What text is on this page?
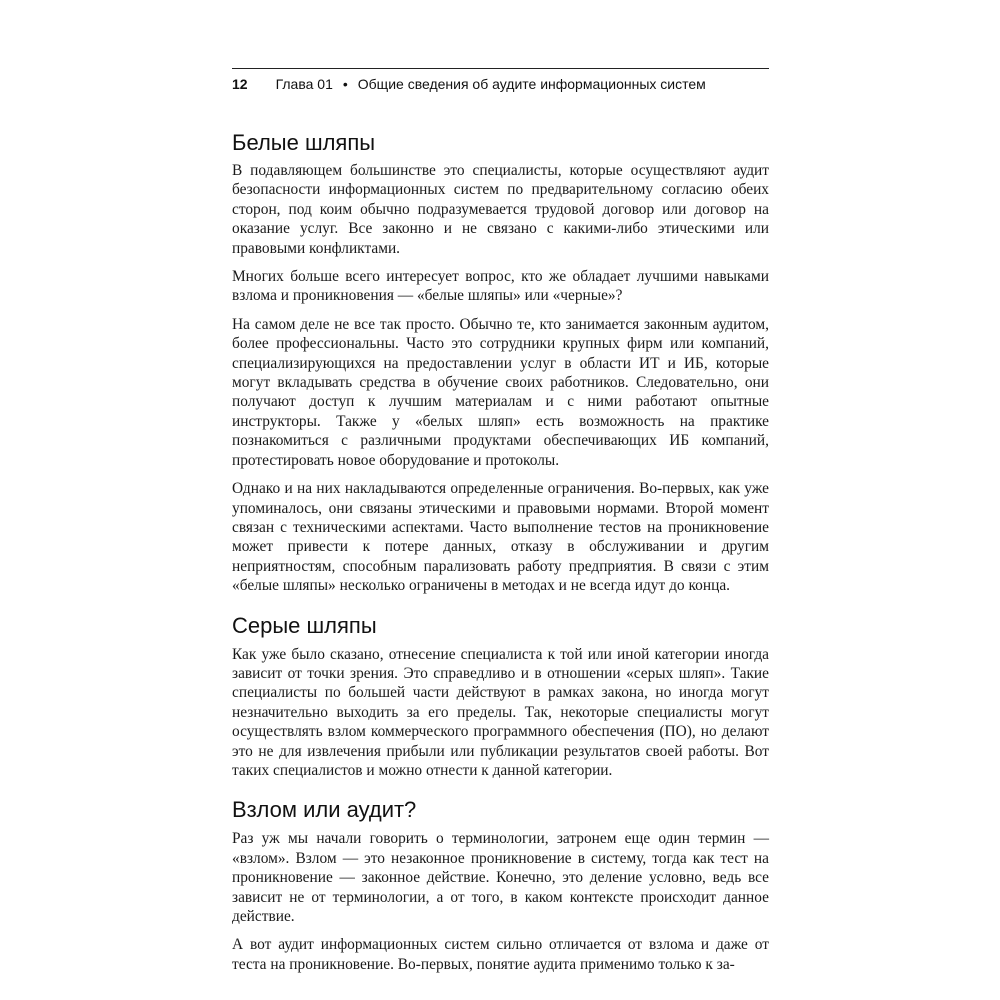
12 Глава 01 • Общие сведения об аудите информационных систем
Белые шляпы

В подавляющем большинстве это специалисты, которые осуществляют аудит безопасности информационных систем по предварительному согласию обеих сторон, под коим обычно подразумевается трудовой договор или договор на оказание услуг. Все законно и не связано с какими-либо этическими или правовыми конфликтами.

Многих больше всего интересует вопрос, кто же обладает лучшими навыками взлома и проникновения — «белые шляпы» или «черные»?

На самом деле не все так просто. Обычно те, кто занимается законным аудитом, более профессиональны. Часто это сотрудники крупных фирм или компаний, специализирующихся на предоставлении услуг в области ИТ и ИБ, которые могут вкладывать средства в обучение своих работников. Следовательно, они получают доступ к лучшим материалам и с ними работают опытные инструкторы. Также у «белых шляп» есть возможность на практике познакомиться с различными продуктами обеспечивающих ИБ компаний, протестировать новое оборудование и протоколы.

Однако и на них накладываются определенные ограничения. Во-первых, как уже упоминалось, они связаны этическими и правовыми нормами. Второй момент связан с техническими аспектами. Часто выполнение тестов на проникновение может привести к потере данных, отказу в обслуживании и другим неприятностям, способным парализовать работу предприятия. В связи с этим «белые шляпы» несколько ограничены в методах и не всегда идут до конца.

Серые шляпы

Как уже было сказано, отнесение специалиста к той или иной категории иногда зависит от точки зрения. Это справедливо и в отношении «серых шляп». Такие специалисты по большей части действуют в рамках закона, но иногда могут незначительно выходить за его пределы. Так, некоторые специалисты могут осуществлять взлом коммерческого программного обеспечения (ПО), но делают это не для извлечения прибыли или публикации результатов своей работы. Вот таких специалистов и можно отнести к данной категории.

Взлом или аудит?

Раз уж мы начали говорить о терминологии, затронем еще один термин — «взлом». Взлом — это незаконное проникновение в систему, тогда как тест на проникновение — законное действие. Конечно, это деление условно, ведь все зависит не от терминологии, а от того, в каком контексте происходит данное действие.

А вот аудит информационных систем сильно отличается от взлома и даже от теста на проникновение. Во-первых, понятие аудита применимо только к за-
